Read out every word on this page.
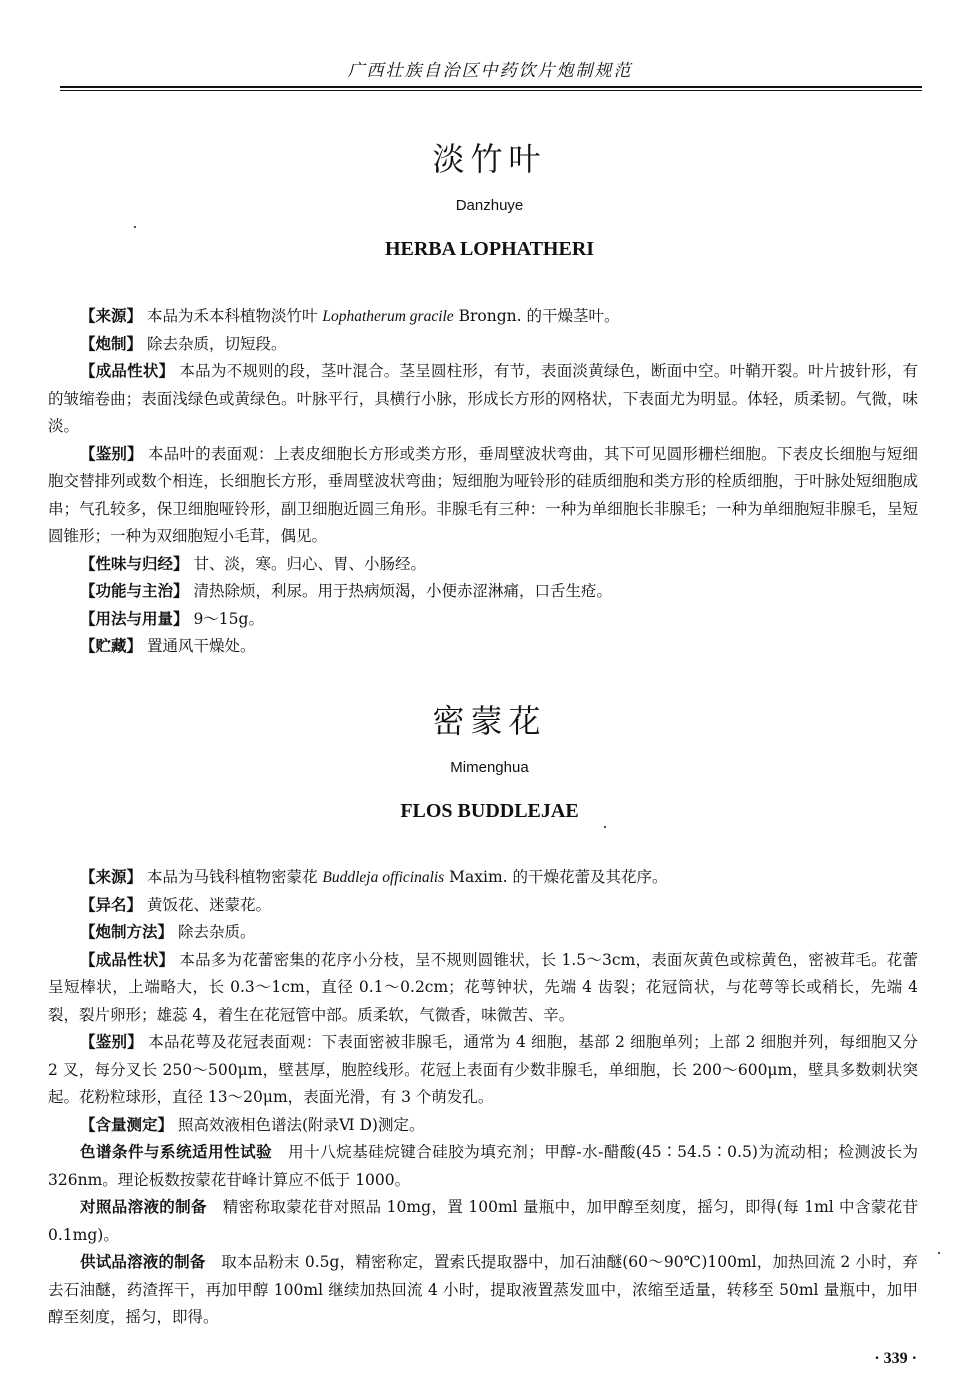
广西壮族自治区中药饮片炮制规范
淡竹叶
Danzhuye
HERBA LOPHATHERI

【来源】 本品为禾本科植物淡竹叶 Lophatherum gracile Brongn. 的干燥茎叶。

【炮制】 除去杂质，切短段。

【成品性状】 本品为不规则的段，茎叶混合。茎呈圆柱形，有节，表面淡黄绿色，断面中空。叶鞘开裂。叶片披针形，有的皱缩卷曲；表面浅绿色或黄绿色。叶脉平行，具横行小脉，形成长方形的网格状，下表面尤为明显。体轻，质柔韧。气微，味淡。

【鉴别】 本品叶的表面观：上表皮细胞长方形或类方形，垂周壁波状弯曲，其下可见圆形栅栏细胞。下表皮长细胞与短细胞交替排列或数个相连，长细胞长方形，垂周壁波状弯曲；短细胞为哑铃形的硅质细胞和类方形的栓质细胞，于叶脉处短细胞成串；气孔较多，保卫细胞哑铃形，副卫细胞近圆三角形。非腺毛有三种：一种为单细胞长非腺毛；一种为单细胞短非腺毛，呈短圆锥形；一种为双细胞短小毛茸，偶见。

【性味与归经】 甘、淡，寒。归心、胃、小肠经。

【功能与主治】 清热除烦，利尿。用于热病烦渴，小便赤涩淋痛，口舌生疮。

【用法与用量】 9～15g。

【贮藏】 置通风干燥处。

密蒙花
Mimenghua
FLOS BUDDLEJAE

【来源】 本品为马钱科植物密蒙花 Buddleja officinalis Maxim. 的干燥花蕾及其花序。

【异名】 黄饭花、迷蒙花。

【炮制方法】 除去杂质。

【成品性状】 本品多为花蕾密集的花序小分枝，呈不规则圆锥状，长 1.5～3cm，表面灰黄色或棕黄色，密被茸毛。花蕾呈短棒状，上端略大，长 0.3～1cm，直径 0.1～0.2cm；花萼钟状，先端 4 齿裂；花冠筒状，与花萼等长或稍长，先端 4 裂，裂片卵形；雄蕊 4，着生在花冠管中部。质柔软，气微香，味微苦、辛。

【鉴别】 本品花萼及花冠表面观：下表面密被非腺毛，通常为 4 细胞，基部 2 细胞单列；上部 2 细胞并列，每细胞又分 2 叉，每分叉长 250～500μm，壁甚厚，胞腔线形。花冠上表面有少数非腺毛，单细胞，长 200～600μm，壁具多数刺状突起。花粉粒球形，直径 13～20μm，表面光滑，有 3 个萌发孔。

【含量测定】 照高效液相色谱法(附录Ⅵ D)测定。

色谱条件与系统适用性试验　用十八烷基硅烷键合硅胶为填充剂；甲醇-水-醋酸(45∶54.5∶0.5)为流动相；检测波长为 326nm。理论板数按蒙花苷峰计算应不低于 1000。

对照品溶液的制备　精密称取蒙花苷对照品 10mg，置 100ml 量瓶中，加甲醇至刻度，摇匀，即得(每 1ml 中含蒙花苷 0.1mg)。

供试品溶液的制备　取本品粉末 0.5g，精密称定，置索氏提取器中，加石油醚(60～90℃)100ml，加热回流 2 小时，弃去石油醚，药渣挥干，再加甲醇 100ml 继续加热回流 4 小时，提取液置蒸发皿中，浓缩至适量，转移至 50ml 量瓶中，加甲醇至刻度，摇匀，即得。

· 339 ·
